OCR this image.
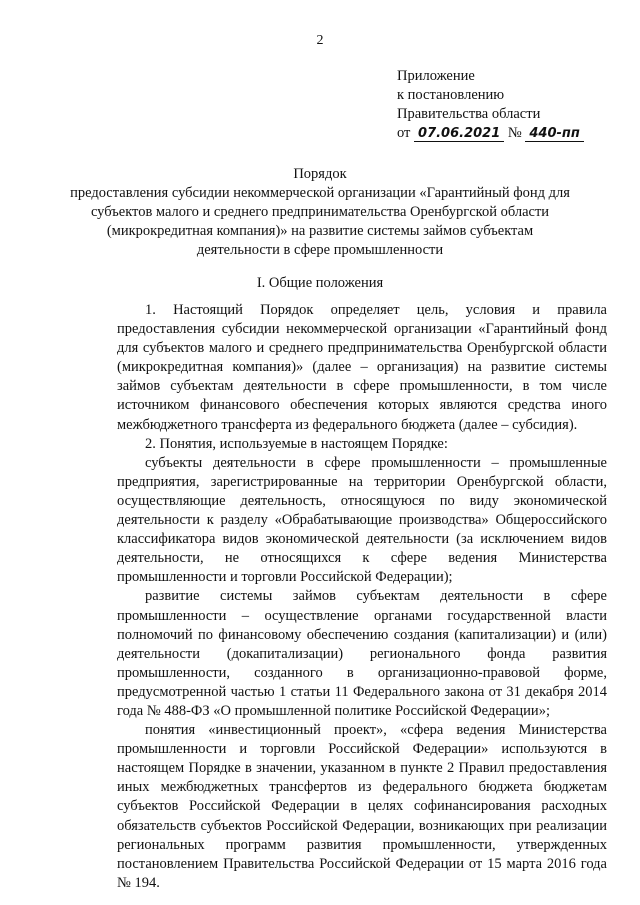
2
Приложение
к постановлению
Правительства области
от 07.06.2021 № 440-пп
Порядок
предоставления субсидии некоммерческой организации «Гарантийный фонд для субъектов малого и среднего предпринимательства Оренбургской области (микрокредитная компания)» на развитие системы займов субъектам деятельности в сфере промышленности
I. Общие положения

1. Настоящий Порядок определяет цель, условия и правила предоставления субсидии некоммерческой организации «Гарантийный фонд для субъектов малого и среднего предпринимательства Оренбургской области (микрокредитная компания)» (далее – организация) на развитие системы займов субъектам деятельности в сфере промышленности, в том числе источником финансового обеспечения которых являются средства иного межбюджетного трансферта из федерального бюджета (далее – субсидия).

2. Понятия, используемые в настоящем Порядке:

субъекты деятельности в сфере промышленности – промышленные предприятия, зарегистрированные на территории Оренбургской области, осуществляющие деятельность, относящуюся по виду экономической деятельности к разделу «Обрабатывающие производства» Общероссийского классификатора видов экономической деятельности (за исключением видов деятельности, не относящихся к сфере ведения Министерства промышленности и торговли Российской Федерации);

развитие системы займов субъектам деятельности в сфере промышленности – осуществление органами государственной власти полномочий по финансовому обеспечению создания (капитализации) и (или) деятельности (докапитализации) регионального фонда развития промышленности, созданного в организационно-правовой форме, предусмотренной частью 1 статьи 11 Федерального закона от 31 декабря 2014 года № 488-ФЗ «О промышленной политике Российской Федерации»;

понятия «инвестиционный проект», «сфера ведения Министерства промышленности и торговли Российской Федерации» используются в настоящем Порядке в значении, указанном в пункте 2 Правил предоставления иных межбюджетных трансфертов из федерального бюджета бюджетам субъектов Российской Федерации в целях софинансирования расходных обязательств субъектов Российской Федерации, возникающих при реализации региональных программ развития промышленности, утвержденных постановлением Правительства Российской Федерации от 15 марта 2016 года № 194.
